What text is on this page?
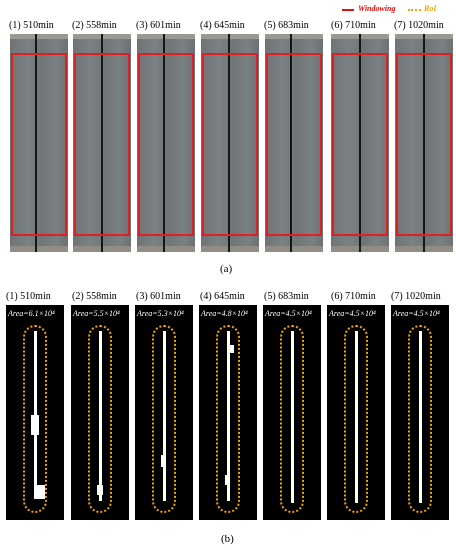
Windowing	RoI
(1) 510min (2) 558min (3) 601min (4) 645min (5) 683min (6) 710min (7) 1020min
(a)
(1) 510min (2) 558min (3) 601min (4) 645min (5) 683min (6) 710min (7) 1020min
Area=6.1×10⁴ Area=5.5×10⁴ Area=5.3×10⁴ Area=4.8×10⁴ Area=4.5×10⁴ Area=4.5×10⁴ Area=4.5×10⁴
(b)
